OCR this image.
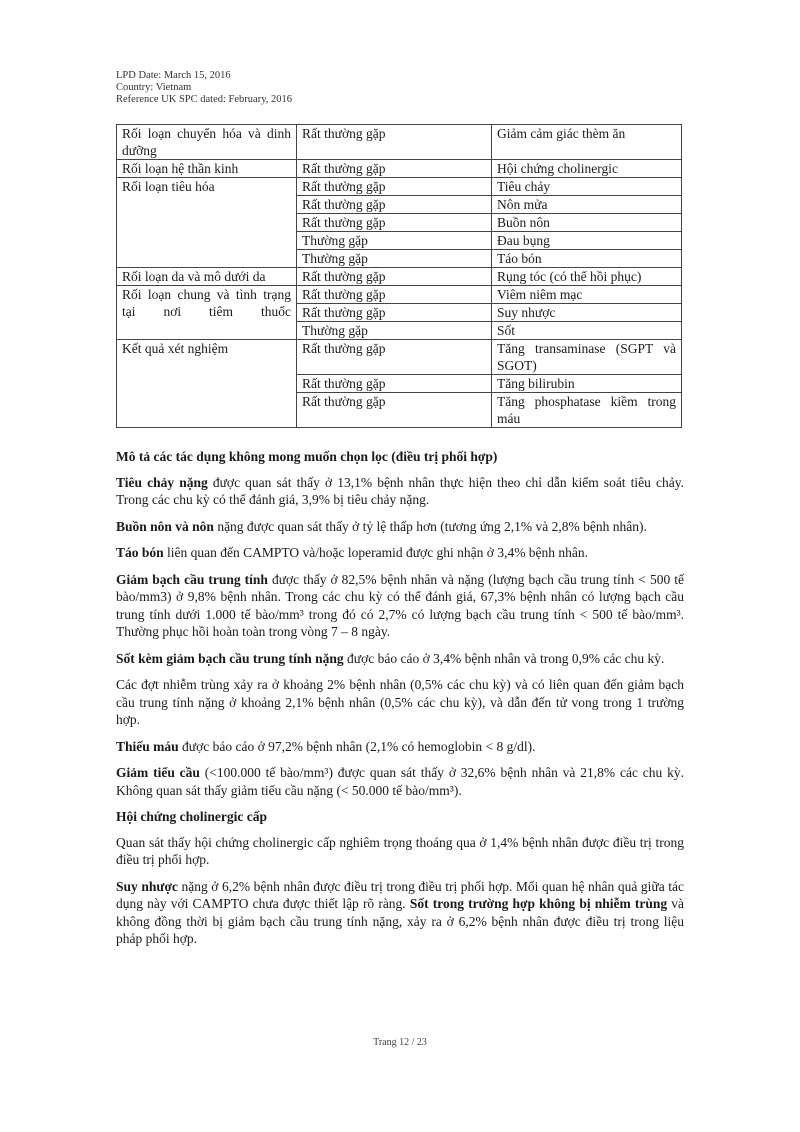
LPD Date: March 15, 2016
Country: Vietnam
Reference UK SPC dated: February, 2016
Rối loạn chuyển hóa và dinh dưỡng	Rất thường gặp	Giảm cảm giác thèm ăn
Rối loạn hệ thần kinh	Rất thường gặp	Hội chứng cholinergic
Rối loạn tiêu hóa	Rất thường gặp	Tiêu chảy
	Rất thường gặp	Nôn mửa
	Rất thường gặp	Buồn nôn
	Thường gặp	Đau bụng
	Thường gặp	Táo bón
Rối loạn da và mô dưới da	Rất thường gặp	Rụng tóc (có thể hồi phục)
Rối loạn chung và tình trạng tại nơi tiêm thuốc	Rất thường gặp	Viêm niêm mạc
	Rất thường gặp	Suy nhược
	Thường gặp	Sốt
Kết quả xét nghiệm	Rất thường gặp	Tăng transaminase (SGPT và SGOT)
	Rất thường gặp	Tăng bilirubin
	Rất thường gặp	Tăng phosphatase kiềm trong máu
Mô tả các tác dụng không mong muốn chọn lọc (điều trị phối hợp)

Tiêu chảy nặng được quan sát thấy ở 13,1% bệnh nhân thực hiện theo chỉ dẫn kiểm soát tiêu chảy. Trong các chu kỳ có thể đánh giá, 3,9% bị tiêu chảy nặng.

Buồn nôn và nôn nặng được quan sát thấy ở tỷ lệ thấp hơn (tương ứng 2,1% và 2,8% bệnh nhân).

Táo bón liên quan đến CAMPTO và/hoặc loperamid được ghi nhận ở 3,4% bệnh nhân.

Giảm bạch cầu trung tính được thấy ở 82,5% bệnh nhân và nặng (lượng bạch cầu trung tính < 500 tế bào/mm3) ở 9,8% bệnh nhân. Trong các chu kỳ có thể đánh giá, 67,3% bệnh nhân có lượng bạch cầu trung tính dưới 1.000 tế bào/mm³ trong đó có 2,7% có lượng bạch cầu trung tính < 500 tế bào/mm³. Thường phục hồi hoàn toàn trong vòng 7 – 8 ngày.

Sốt kèm giảm bạch cầu trung tính nặng được báo cáo ở 3,4% bệnh nhân và trong 0,9% các chu kỳ.

Các đợt nhiễm trùng xảy ra ở khoảng 2% bệnh nhân (0,5% các chu kỳ) và có liên quan đến giảm bạch cầu trung tính nặng ở khoảng 2,1% bệnh nhân (0,5% các chu kỳ), và dẫn đến tử vong trong 1 trường hợp.

Thiếu máu được báo cáo ở 97,2% bệnh nhân (2,1% có hemoglobin < 8 g/dl).

Giảm tiểu cầu (<100.000 tế bào/mm³) được quan sát thấy ở 32,6% bệnh nhân và 21,8% các chu kỳ. Không quan sát thấy giảm tiểu cầu nặng (< 50.000 tế bào/mm³).

Hội chứng cholinergic cấp

Quan sát thấy hội chứng cholinergic cấp nghiêm trọng thoáng qua ở 1,4% bệnh nhân được điều trị trong điều trị phối hợp.

Suy nhược nặng ở 6,2% bệnh nhân được điều trị trong điều trị phối hợp. Mối quan hệ nhân quả giữa tác dụng này với CAMPTO chưa được thiết lập rõ ràng. Sốt trong trường hợp không bị nhiễm trùng và không đồng thời bị giảm bạch cầu trung tính nặng, xảy ra ở 6,2% bệnh nhân được điều trị trong liệu pháp phối hợp.

Trang 12 / 23
